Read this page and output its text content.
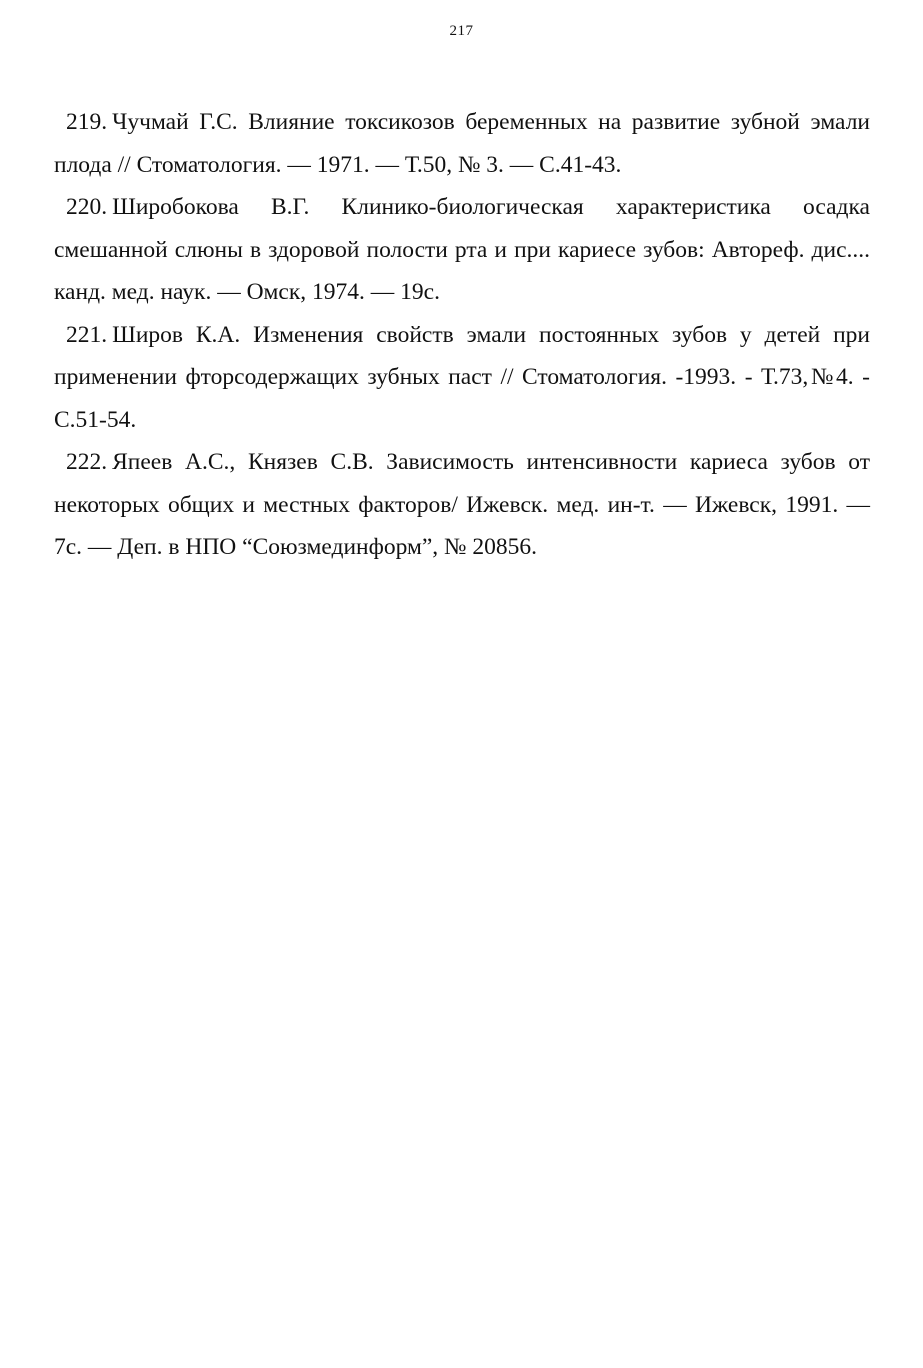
217
219. Чучмай Г.С. Влияние токсикозов беременных на развитие зубной эмали плода // Стоматология. — 1971. — Т.50, № 3. — С.41-43.
220. Широбокова В.Г. Клинико-биологическая характеристика осадка смешанной слюны в здоровой полости рта и при кариесе зубов: Автореф. дис.... канд. мед. наук. — Омск, 1974. — 19с.
221. Широв К.А. Изменения свойств эмали постоянных зубов у детей при применении фторсодержащих зубных паст // Стоматология. -1993. - Т.73,№4. - С.51-54.
222. Япеев А.С., Князев С.В. Зависимость интенсивности кариеса зубов от некоторых общих и местных факторов/ Ижевск. мед. ин-т. — Ижевск, 1991. — 7с. — Деп. в НПО “Союзмединформ”, № 20856.
